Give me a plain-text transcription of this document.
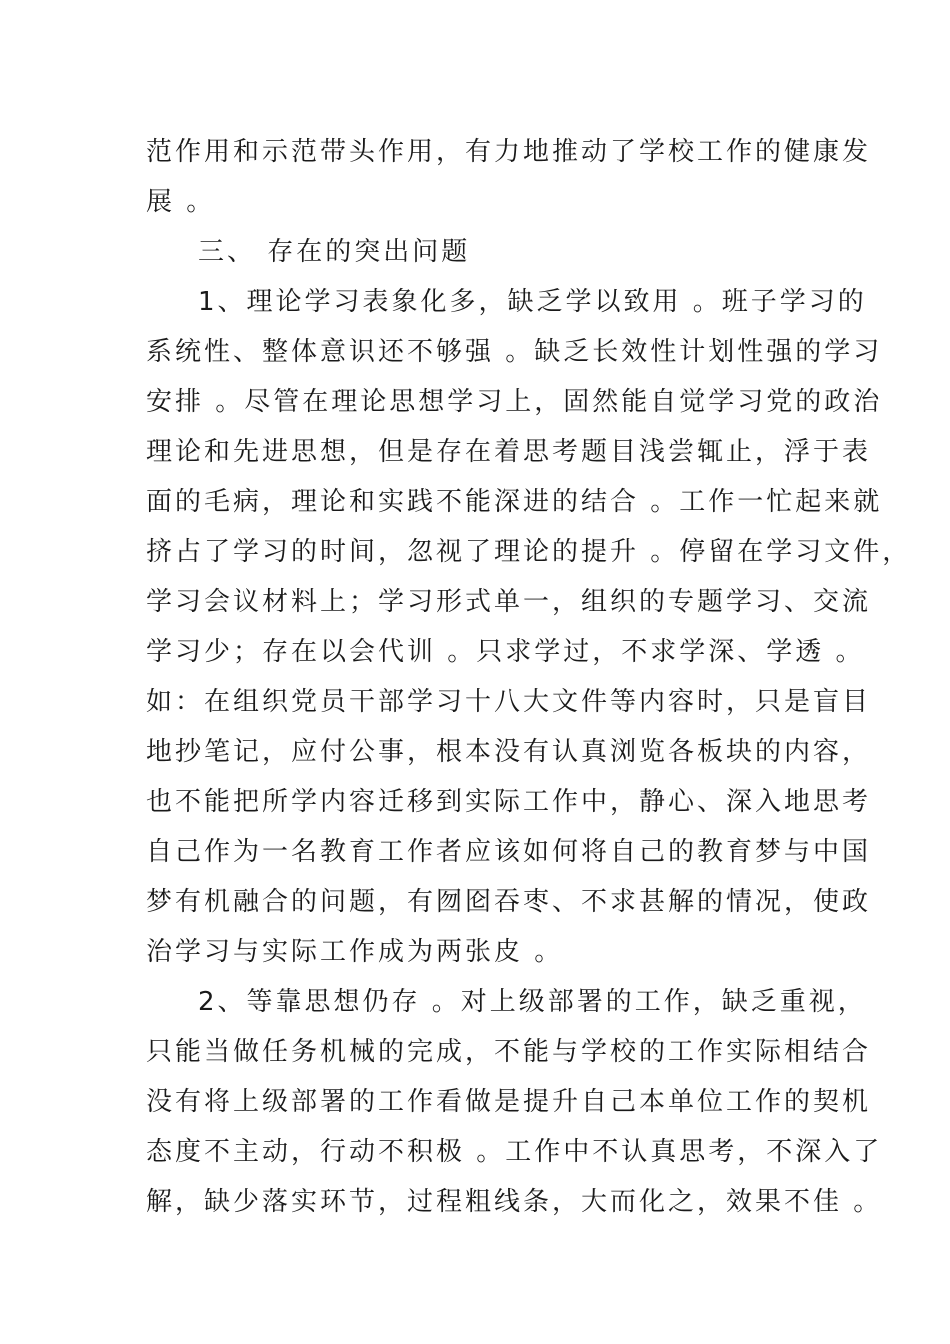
范作用和示范带头作用，有力地推动了学校工作的健康发
展 。
三、 存在的突出问题
1、理论学习表象化多，缺乏学以致用 。班子学习的
系统性、整体意识还不够强 。缺乏长效性计划性强的学习
安排 。尽管在理论思想学习上，固然能自觉学习党的政治
理论和先进思想，但是存在着思考题目浅尝辄止，浮于表
面的毛病，理论和实践不能深进的结合 。工作一忙起来就
挤占了学习的时间，忽视了理论的提升 。停留在学习文件，
学习会议材料上；学习形式单一，组织的专题学习、交流
学习少；存在以会代训 。只求学过，不求学深、学透 。
如：在组织党员干部学习十八大文件等内容时，只是盲目
地抄笔记，应付公事，根本没有认真浏览各板块的内容，
也不能把所学内容迁移到实际工作中，静心、深入地思考
自己作为一名教育工作者应该如何将自己的教育梦与中国
梦有机融合的问题，有囫囵吞枣、不求甚解的情况，使政
治学习与实际工作成为两张皮 。
2、等靠思想仍存 。对上级部署的工作，缺乏重视，
只能当做任务机械的完成，不能与学校的工作实际相结合
没有将上级部署的工作看做是提升自己本单位工作的契机
态度不主动，行动不积极 。工作中不认真思考，不深入了
解，缺少落实环节，过程粗线条，大而化之，效果不佳 。
